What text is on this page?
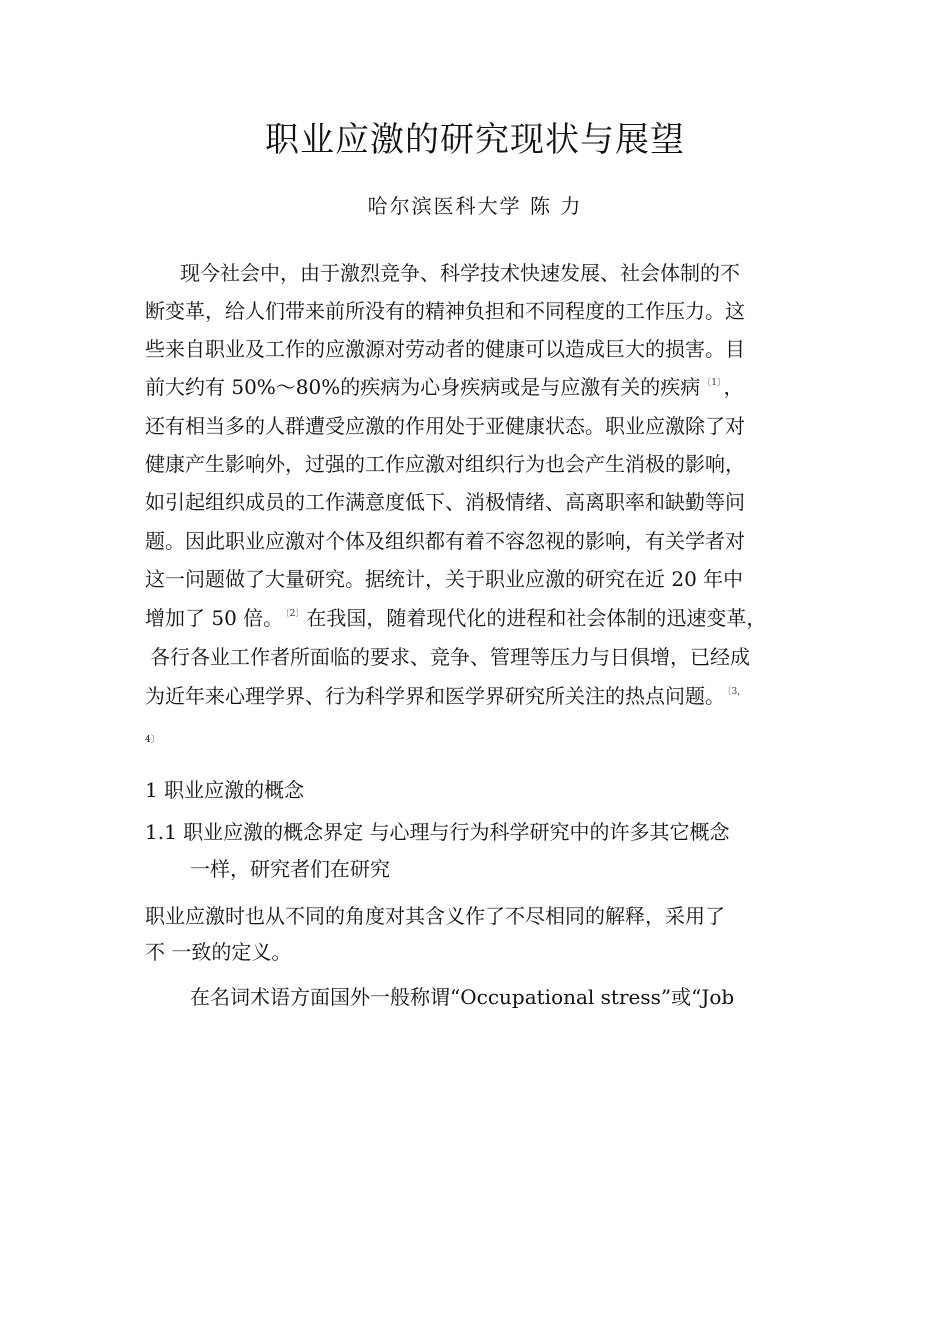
职业应激的研究现状与展望
哈尔滨医科大学 陈 力
现今社会中，由于激烈竞争、科学技术快速发展、社会体制的不
断变革，给人们带来前所没有的精神负担和不同程度的工作压力。这
些来自职业及工作的应激源对劳动者的健康可以造成巨大的损害。目
前大约有 50%～80%的疾病为心身疾病或是与应激有关的疾病 $^{〔1〕}$ ，
还有相当多的人群遭受应激的作用处于亚健康状态。职业应激除了对
健康产生影响外，过强的工作应激对组织行为也会产生消极的影响，
如引起组织成员的工作满意度低下、消极情绪、高离职率和缺勤等问
题。因此职业应激对个体及组织都有着不容忽视的影响，有关学者对
这一问题做了大量研究。据统计，关于职业应激的研究在近 20 年中
增加了 50 倍。 $^{〔2〕}$ 在我国，随着现代化的进程和社会体制的迅速变革，
各行各业工作者所面临的要求、竞争、管理等压力与日俱增，已经成
为近年来心理学界、行为科学界和医学界研究所关注的热点问题。 $^{〔3,}$
4〕
1 职业应激的概念
1.1 职业应激的概念界定 与心理与行为科学研究中的许多其它概念
一样，研究者们在研究
职业应激时也从不同的角度对其含义作了不尽相同的解释，采用了
不 一致的定义。
在名词术语方面国外一般称谓“Occupational stress”或“Job
